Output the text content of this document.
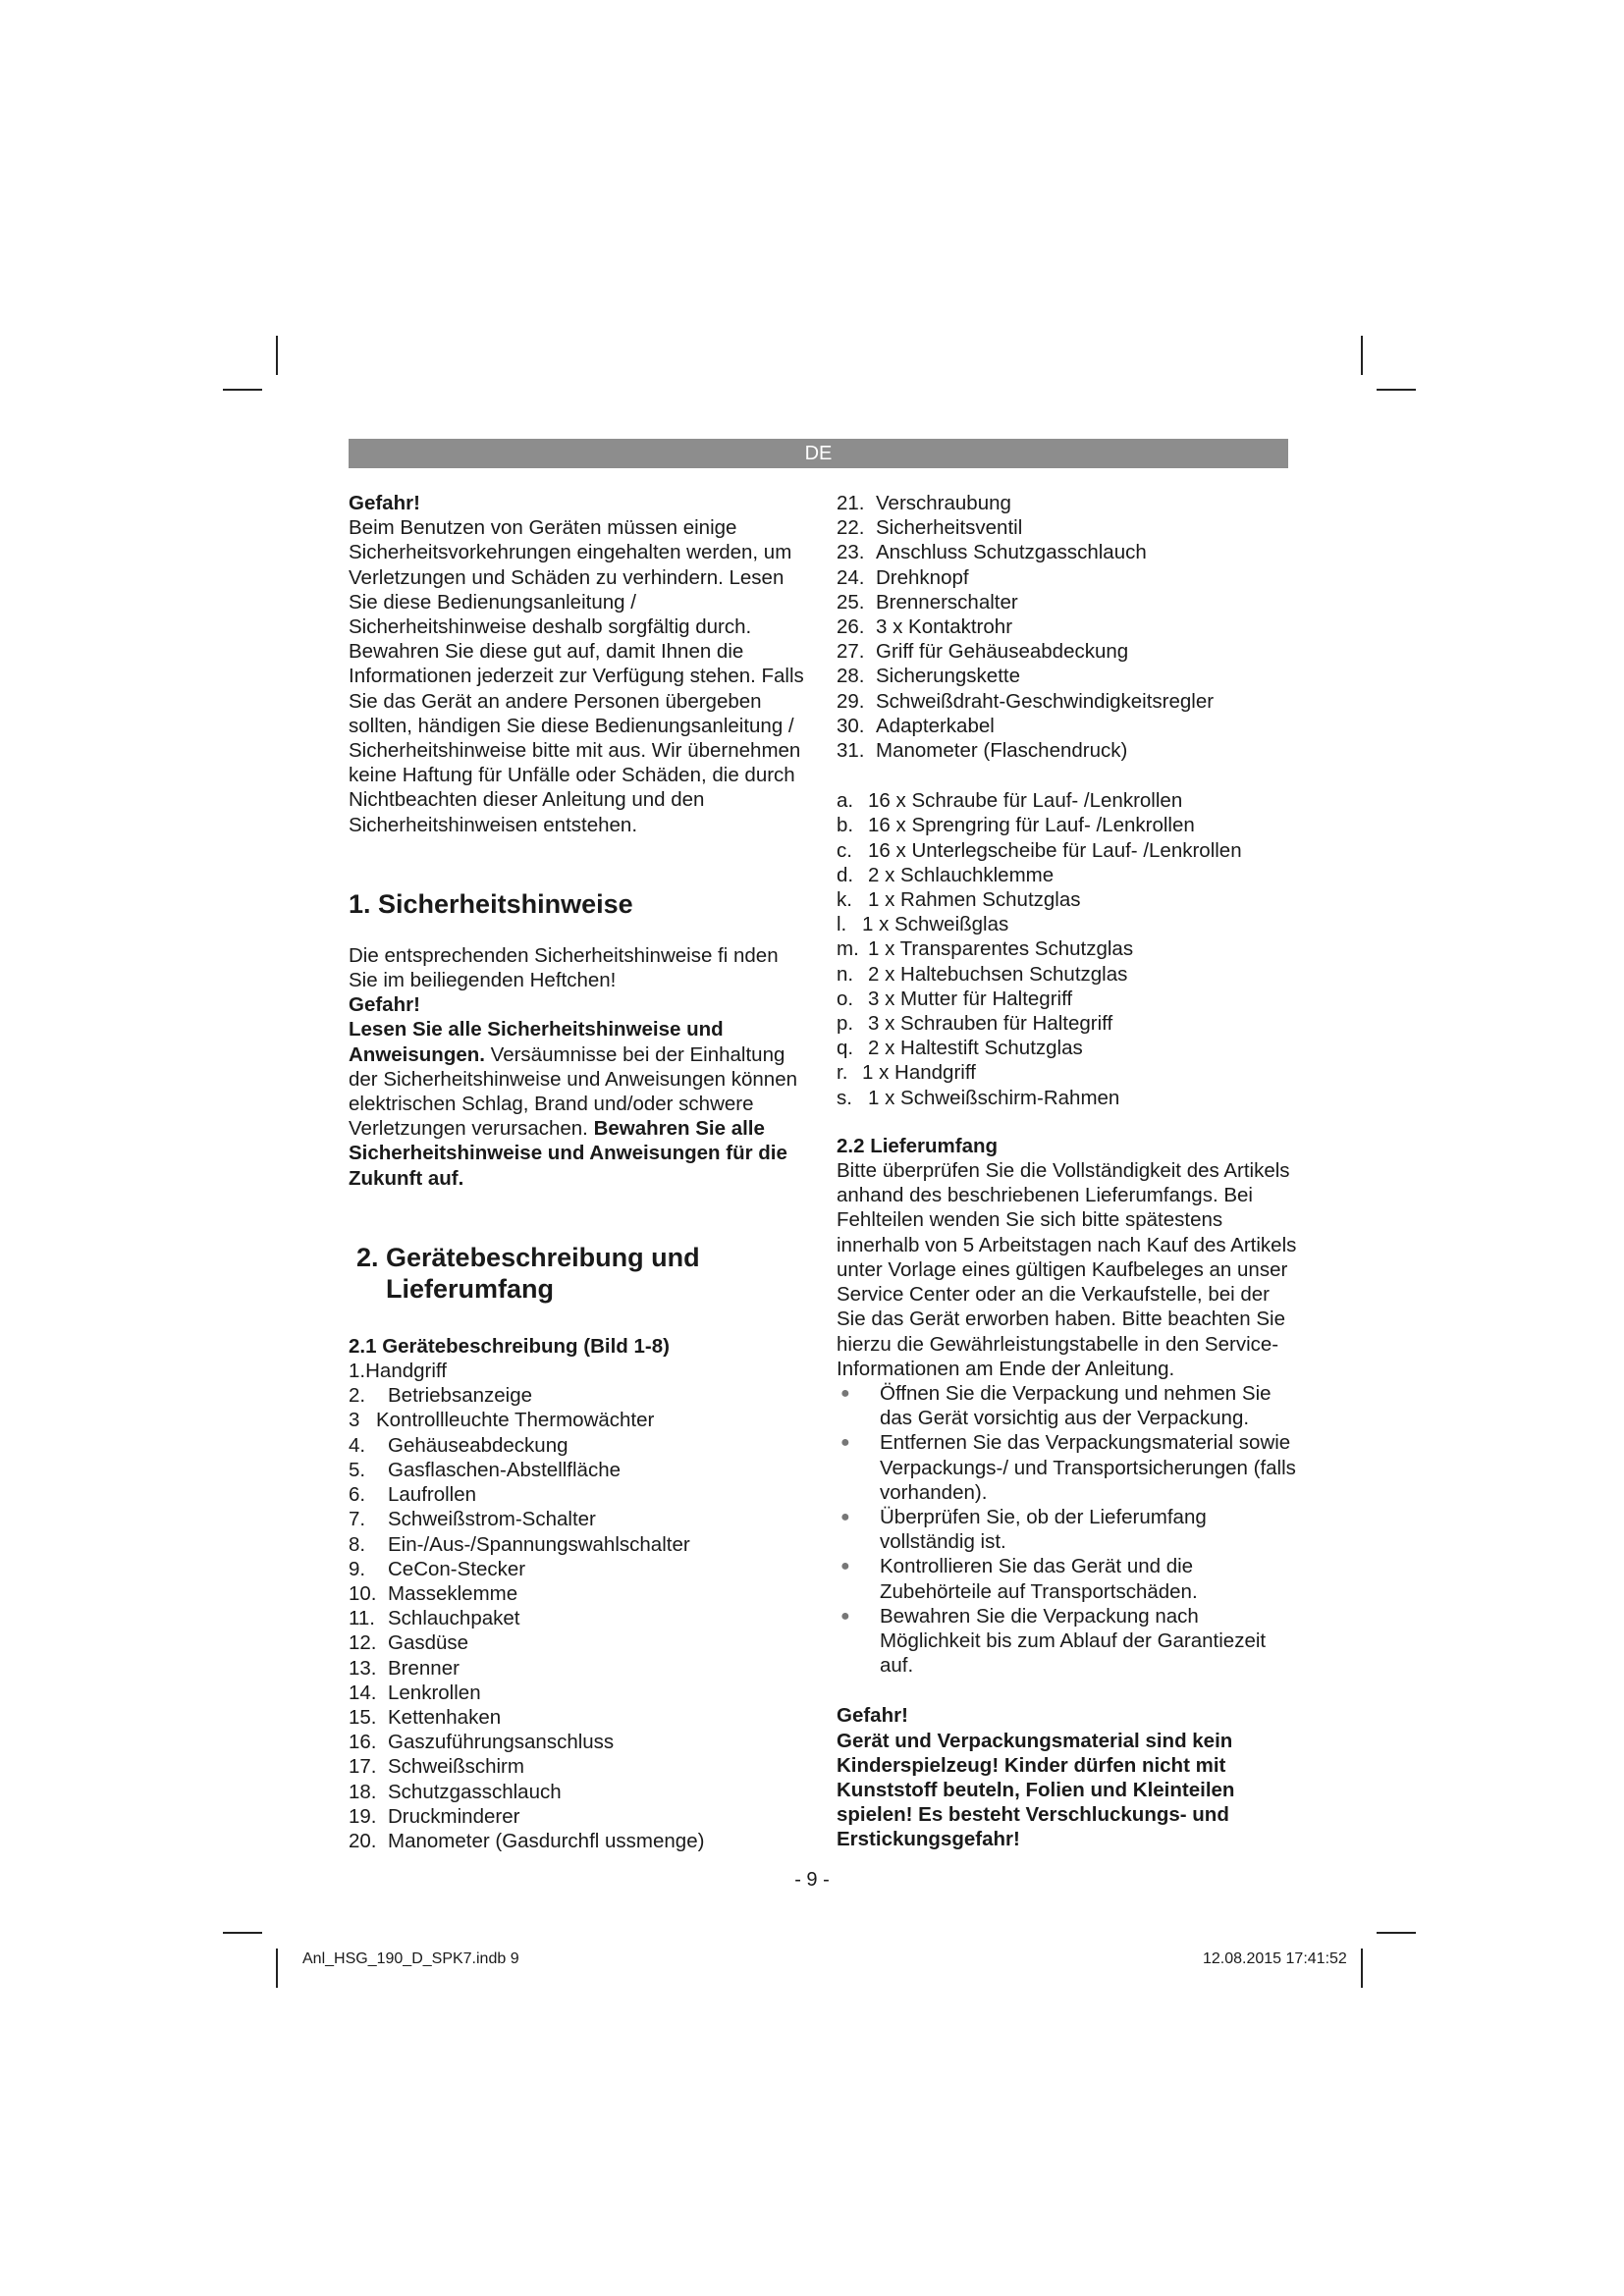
DE

Gefahr!

Beim Benutzen von Geräten müssen einige Sicherheitsvorkehrungen eingehalten werden, um Verletzungen und Schäden zu verhindern. Lesen Sie diese Bedienungsanleitung / Sicherheitshinweise deshalb sorgfältig durch. Bewahren Sie diese gut auf, damit Ihnen die Informationen jederzeit zur Verfügung stehen. Falls Sie das Gerät an andere Personen übergeben sollten, händigen Sie diese Bedienungsanleitung / Sicherheitshinweise bitte mit aus. Wir übernehmen keine Haftung für Unfälle oder Schäden, die durch Nichtbeachten dieser Anleitung und den Sicherheitshinweisen entstehen.

1. Sicherheitshinweise

Die entsprechenden Sicherheitshinweise fi nden Sie im beiliegenden Heftchen!

Gefahr!

Lesen Sie alle Sicherheitshinweise und Anweisungen. Versäumnisse bei der Einhaltung der Sicherheitshinweise und Anweisungen können elektrischen Schlag, Brand und/oder schwere Verletzungen verursachen. Bewahren Sie alle Sicherheitshinweise und Anweisungen für die Zukunft auf.

2. Gerätebeschreibung und
Lieferumfang
2.1 Gerätebeschreibung (Bild 1-8)
1. Handgriff
2.	Betriebsanzeige
3 Kontrollleuchte Thermowächter
4.	Gehäuseabdeckung
5.	Gasflaschen-Abstellfläche
6.	Laufrollen
7.	Schweißstrom-Schalter
8.	Ein-/Aus-/Spannungswahlschalter
9.	CeCon-Stecker
10. Masseklemme
11. Schlauchpaket
12. Gasdüse
13. Brenner
14. Lenkrollen
15. Kettenhaken
16. Gaszuführungsanschluss
17. Schweißschirm
18. Schutzgasschlauch
19. Druckminderer
20. Manometer (Gasdurchfl ussmenge)
21. Verschraubung
22. Sicherheitsventil
23. Anschluss Schutzgasschlauch
24. Drehknopf
25. Brennerschalter
26. 3 x Kontaktrohr
27. Griff für Gehäuseabdeckung
28. Sicherungskette
29. Schweißdraht-Geschwindigkeitsregler
30. Adapterkabel
31. Manometer (Flaschendruck)
a. 16 x Schraube für Lauf- /Lenkrollen
b. 16 x Sprengring für Lauf- /Lenkrollen
c. 16 x Unterlegscheibe für Lauf- /Lenkrollen
d. 2 x Schlauchklemme
k. 1 x Rahmen Schutzglas
l. 1 x Schweißglas
m. 1 x Transparentes Schutzglas
n. 2 x Haltebuchsen Schutzglas
o. 3 x Mutter für Haltegriff
p. 3 x Schrauben für Haltegriff
q. 2 x Haltestift Schutzglas
r. 1 x Handgriff
s. 1 x Schweißschirm-Rahmen
2.2 Lieferumfang

Bitte überprüfen Sie die Vollständigkeit des Artikels anhand des beschriebenen Lieferumfangs. Bei Fehlteilen wenden Sie sich bitte spätestens innerhalb von 5 Arbeitstagen nach Kauf des Artikels unter Vorlage eines gültigen Kaufbeleges an unser Service Center oder an die Verkaufstelle, bei der Sie das Gerät erworben haben. Bitte beachten Sie hierzu die Gewährleistungstabelle in den Service-Informationen am Ende der Anleitung.

●	Öffnen Sie die Verpackung und nehmen Sie das Gerät vorsichtig aus der Verpackung.
●	Entfernen Sie das Verpackungsmaterial sowie Verpackungs-/ und Transportsicherungen (falls vorhanden).
●	Überprüfen Sie, ob der Lieferumfang vollständig ist.
●	Kontrollieren Sie das Gerät und die Zubehörteile auf Transportschäden.
●	Bewahren Sie die Verpackung nach Möglichkeit bis zum Ablauf der Garantiezeit auf.

Gefahr!

Gerät und Verpackungsmaterial sind kein Kinderspielzeug! Kinder dürfen nicht mit Kunststoff beuteln, Folien und Kleinteilen spielen! Es besteht Verschluckungs- und Erstickungsgefahr!

- 9 -
Anl_HSG_190_D_SPK7.indb 9	12.08.2015 17:41:52
